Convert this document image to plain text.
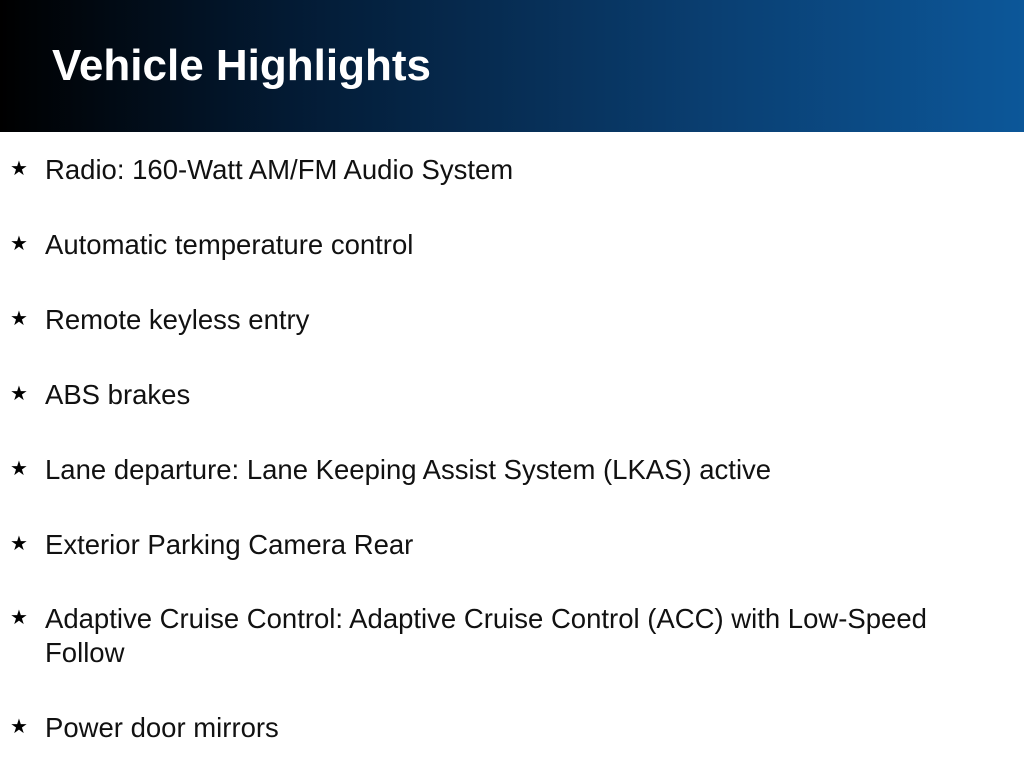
Vehicle Highlights
★ Radio: 160-Watt AM/FM Audio System
★ Automatic temperature control
★ Remote keyless entry
★ ABS brakes
★ Lane departure: Lane Keeping Assist System (LKAS) active
★ Exterior Parking Camera Rear
★ Adaptive Cruise Control: Adaptive Cruise Control (ACC) with Low-Speed Follow
★ Power door mirrors
